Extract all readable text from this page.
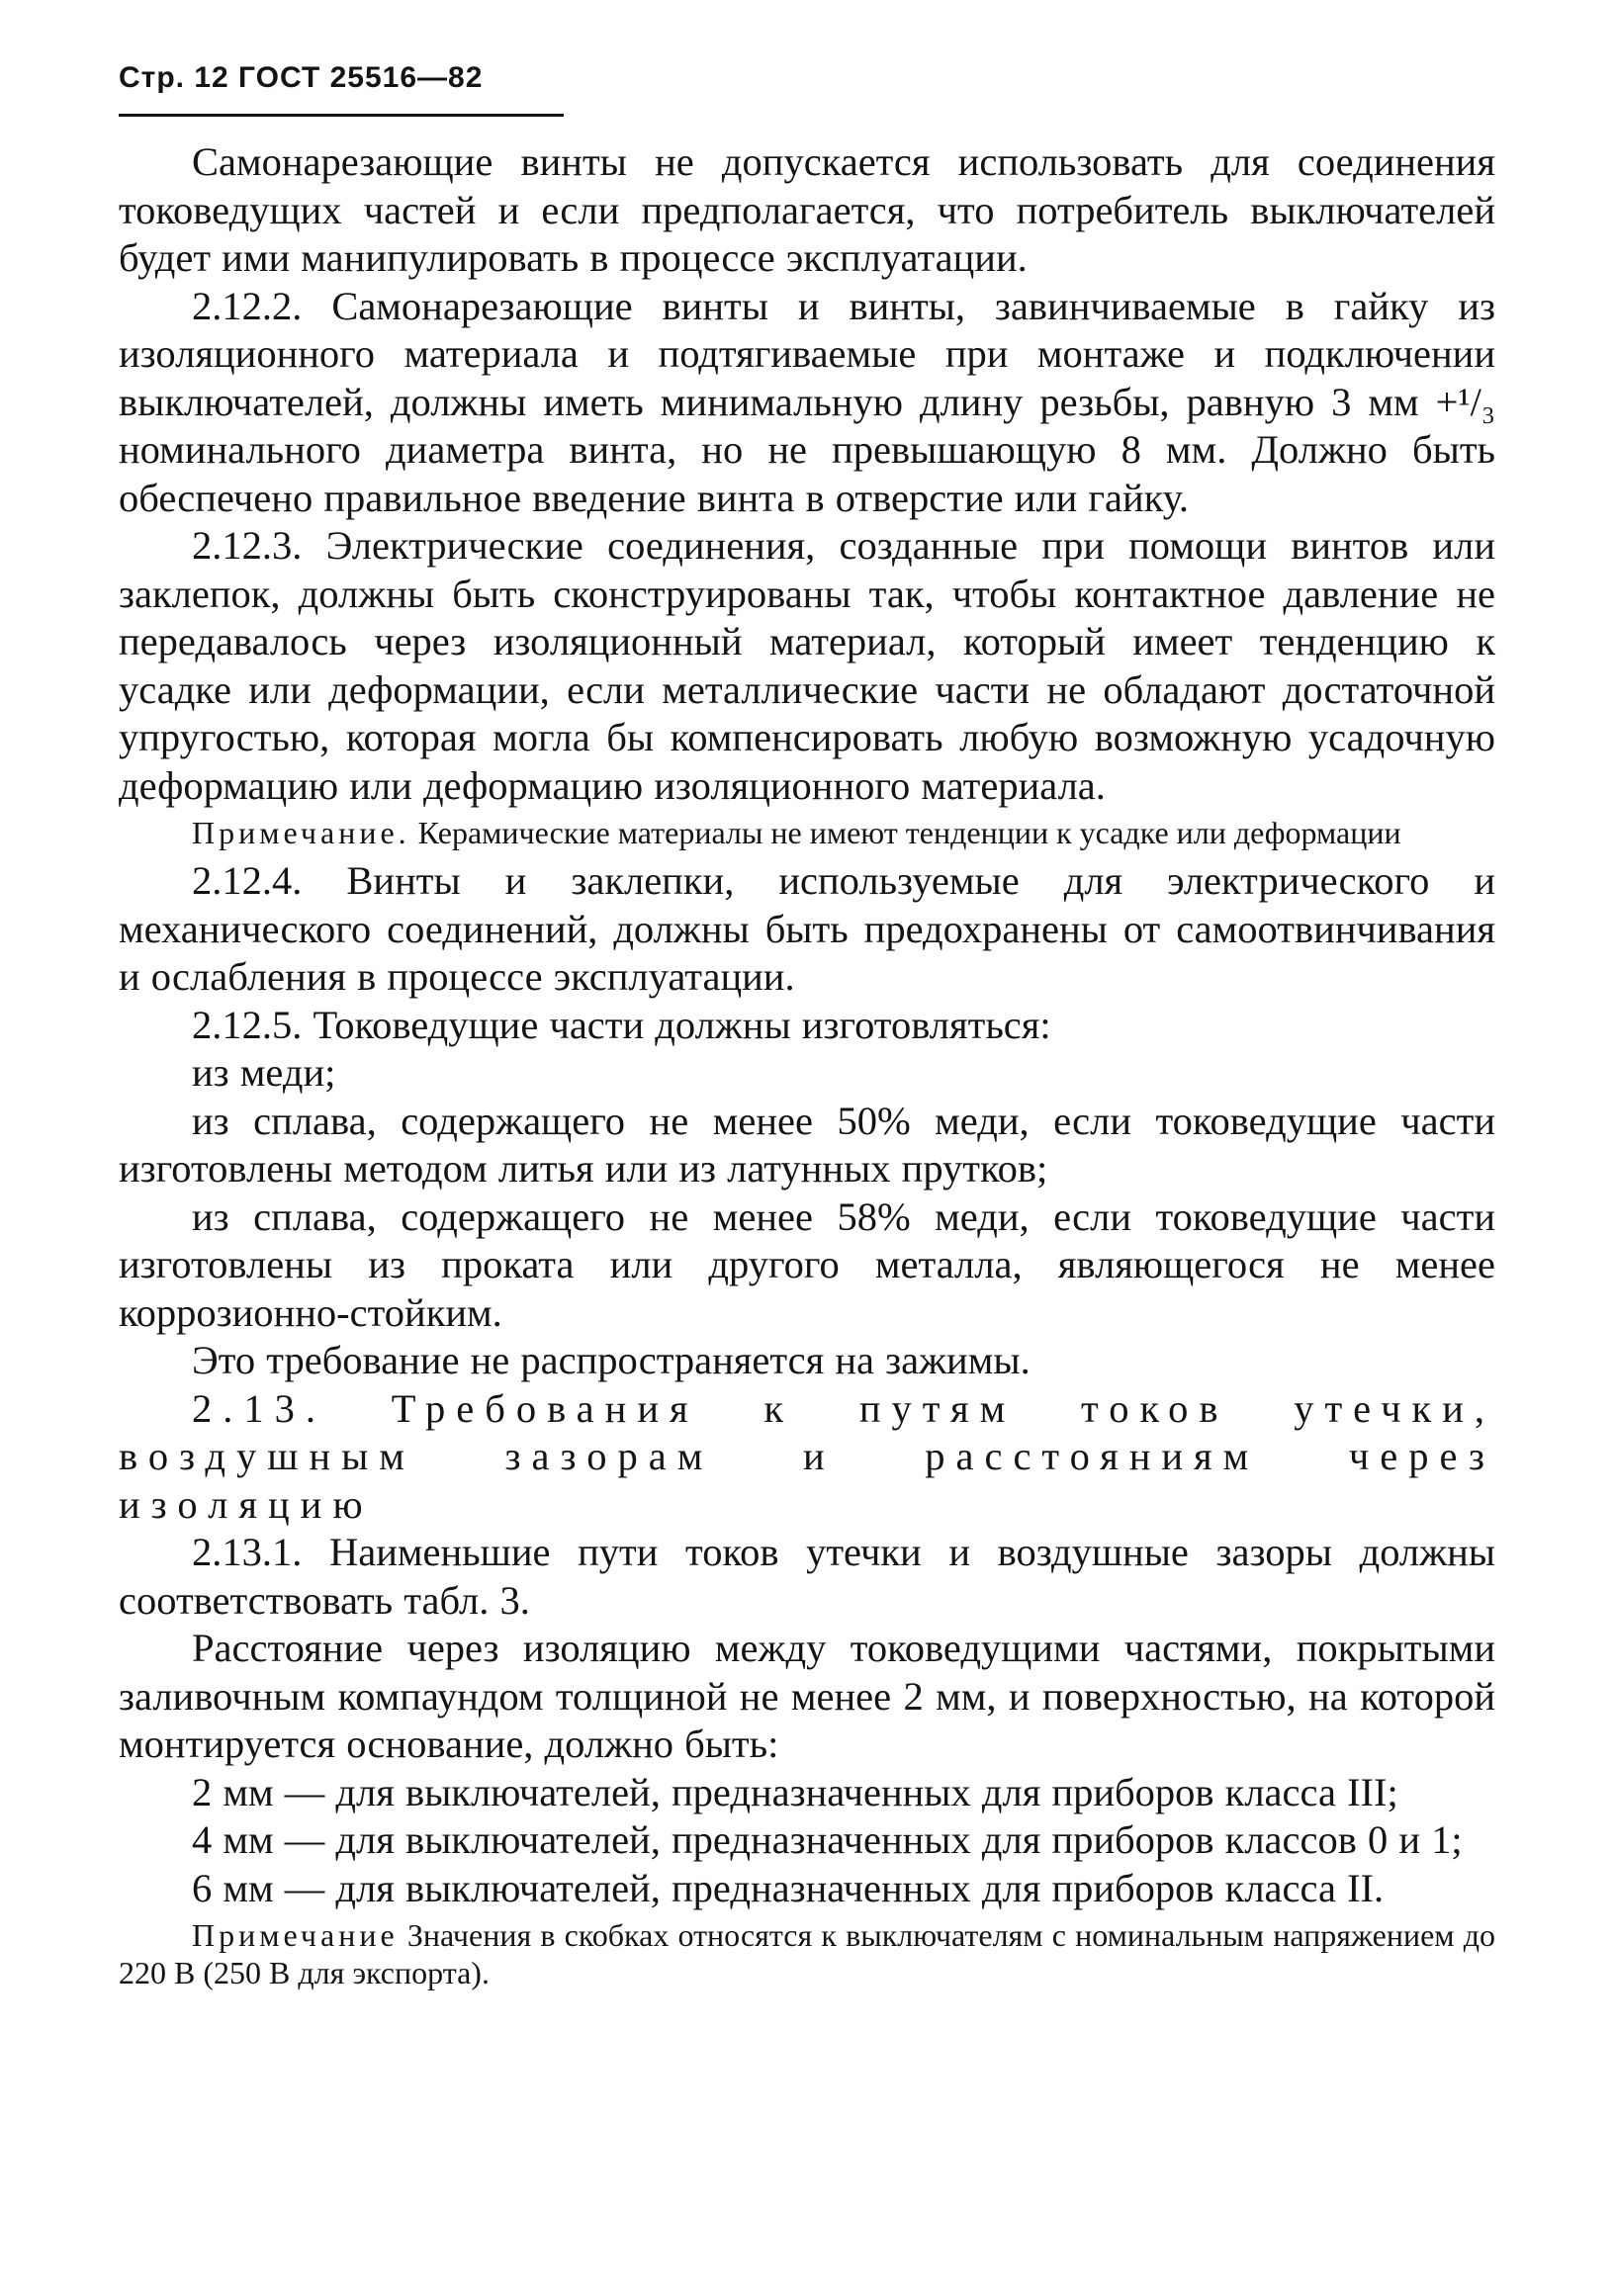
Стр. 12 ГОСТ 25516—82

Самонарезающие винты не допускается использовать для соединения токоведущих частей и если предполагается, что потребитель выключателей будет ими манипулировать в процессе эксплуатации.

2.12.2. Самонарезающие винты и винты, завинчиваемые в гайку из изоляционного материала и подтягиваемые при монтаже и подключении выключателей, должны иметь минимальную длину резьбы, равную 3 мм +¹/₃ номинального диаметра винта, но не превышающую 8 мм. Должно быть обеспечено правильное введение винта в отверстие или гайку.

2.12.3. Электрические соединения, созданные при помощи винтов или заклепок, должны быть сконструированы так, чтобы контактное давление не передавалось через изоляционный материал, который имеет тенденцию к усадке или деформации, если металлические части не обладают достаточной упругостью, которая могла бы компенсировать любую возможную усадочную деформацию или деформацию изоляционного материала.

Примечание. Керамические материалы не имеют тенденции к усадке или деформации

2.12.4. Винты и заклепки, используемые для электрического и механического соединений, должны быть предохранены от самоотвинчивания и ослабления в процессе эксплуатации.

2.12.5. Токоведущие части должны изготовляться:

из меди;

из сплава, содержащего не менее 50% меди, если токоведущие части изготовлены методом литья или из латунных прутков;

из сплава, содержащего не менее 58% меди, если токоведущие части изготовлены из проката или другого металла, являющегося не менее коррозионно-стойким.

Это требование не распространяется на зажимы.

2.13. Требования к путям токов утечки, воздушным зазорам и расстояниям через изоляцию

2.13.1. Наименьшие пути токов утечки и воздушные зазоры должны соответствовать табл. 3.

Расстояние через изоляцию между токоведущими частями, покрытыми заливочным компаундом толщиной не менее 2 мм, и поверхностью, на которой монтируется основание, должно быть:

2 мм — для выключателей, предназначенных для приборов класса III;

4 мм — для выключателей, предназначенных для приборов классов 0 и 1;

6 мм — для выключателей, предназначенных для приборов класса II.

Примечание Значения в скобках относятся к выключателям с номинальным напряжением до 220 В (250 В для экспорта).
